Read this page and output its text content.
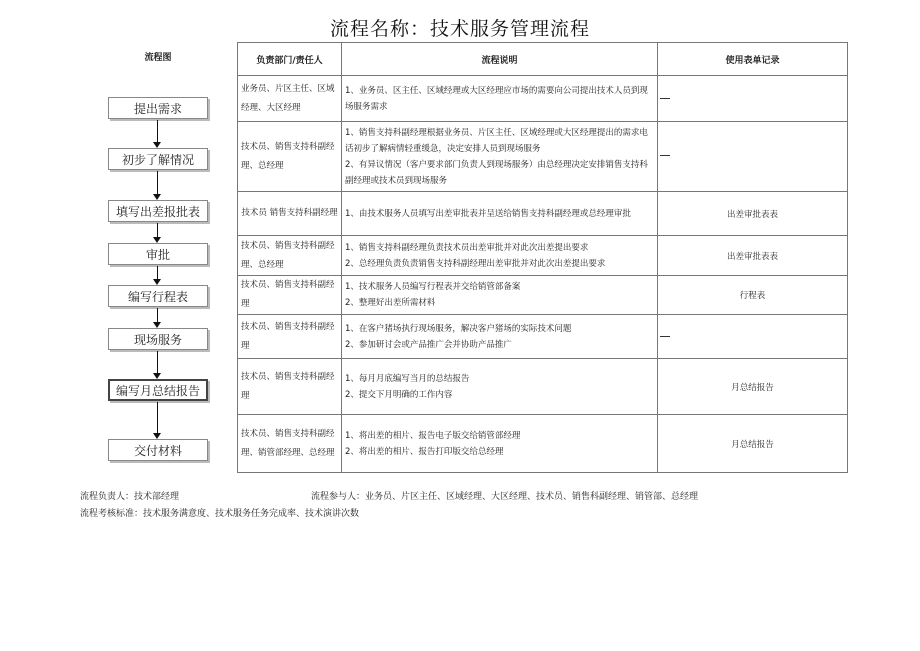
流程名称：技术服务管理流程
流程图
提出需求
初步了解情况
填写出差报批表
审批
编写行程表
现场服务
编写月总结报告
交付材料
负责部门/责任人	流程说明	使用表单记录
业务员、片区主任、区域经理、大区经理	1、业务员、区主任、区域经理或大区经理应市场的需要向公司提出技术人员到现场服务需求	

技术员、销售支持科副经理、总经理	1、销售支持科副经理根据业务员、片区主任、区域经理或大区经理提出的需求电话初步了解病情轻重缓急，决定安排人员到现场服务
2、有异议情况（客户要求部门负责人到现场服务）由总经理决定安排销售支持科副经理或技术员到现场服务	

技术员 销售支持科副经理	1、由技术服务人员填写出差审批表并呈送给销售支持科副经理或总经理审批	出差审批表表
技术员、销售支持科副经理、总经理	1、销售支持科副经理负责技术员出差审批并对此次出差提出要求
2、总经理负责负责销售支持科副经理出差审批并对此次出差提出要求	出差审批表表
技术员、销售支持科副经理	1、技术服务人员编写行程表并交给销管部备案
2、整理好出差所需材料	行程表
技术员、销售支持科副经理	1、在客户猪场执行现场服务，解决客户猪场的实际技术问题
2、参加研讨会或产品推广会并协助产品推广	

技术员、销售支持科副经理	1、每月月底编写当月的总结报告
2、提交下月明确的工作内容	月总结报告
技术员、销售支持科副经理、销管部经理、总经理	1、将出差的相片、报告电子版交给销管部经理
2、将出差的相片、报告打印版交给总经理	月总结报告
流程负责人：技术部经理	流程参与人：业务员、片区主任、区域经理、大区经理、技术员、销售科副经理、销管部、总经理
流程考核标准：技术服务满意度、技术服务任务完成率、技术演讲次数
